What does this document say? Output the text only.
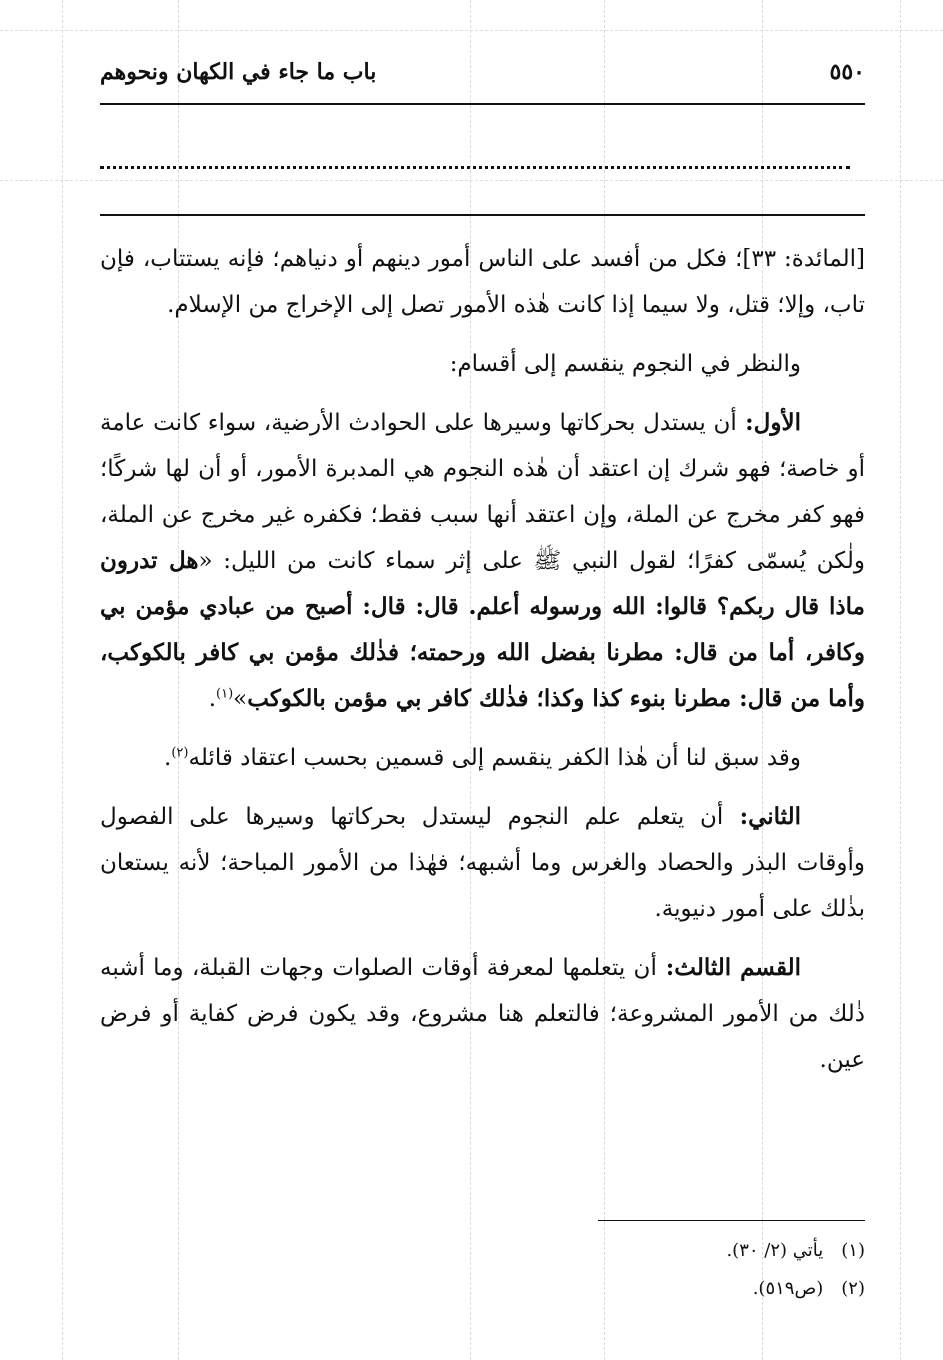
٥٥٠
باب ما جاء في الكهان ونحوهم

[المائدة: ٣٣]؛ فكل من أفسد على الناس أمور دينهم أو دنياهم؛ فإنه يستتاب، فإن تاب، وإلا؛ قتل، ولا سيما إذا كانت هٰذه الأمور تصل إلى الإخراج من الإسلام.

والنظر في النجوم ينقسم إلى أقسام:

الأول: أن يستدل بحركاتها وسيرها على الحوادث الأرضية، سواء كانت عامة أو خاصة؛ فهو شرك إن اعتقد أن هٰذه النجوم هي المدبرة الأمور، أو أن لها شركًا؛ فهو كفر مخرج عن الملة، وإن اعتقد أنها سبب فقط؛ فكفره غير مخرج عن الملة، ولٰكن يُسمّى كفرًا؛ لقول النبي ﷺ على إثر سماء كانت من الليل: «هل تدرون ماذا قال ربكم؟ قالوا: الله ورسوله أعلم. قال: قال: أصبح من عبادي مؤمن بي وكافر، أما من قال: مطرنا بفضل الله ورحمته؛ فذٰلك مؤمن بي كافر بالكوكب، وأما من قال: مطرنا بنوء كذا وكذا؛ فذٰلك كافر بي مؤمن بالكوكب»$^{(١)}$.

وقد سبق لنا أن هٰذا الكفر ينقسم إلى قسمين بحسب اعتقاد قائله$^{(٢)}$.

الثاني: أن يتعلم علم النجوم ليستدل بحركاتها وسيرها على الفصول وأوقات البذر والحصاد والغرس وما أشبهه؛ فهٰذا من الأمور المباحة؛ لأنه يستعان بذٰلك على أمور دنيوية.

القسم الثالث: أن يتعلمها لمعرفة أوقات الصلوات وجهات القبلة، وما أشبه ذٰلك من الأمور المشروعة؛ فالتعلم هنا مشروع، وقد يكون فرض كفاية أو فرض عين.

(١)
يأتي (٢/ ٣٠).
(٢)
(ص٥١٩).
